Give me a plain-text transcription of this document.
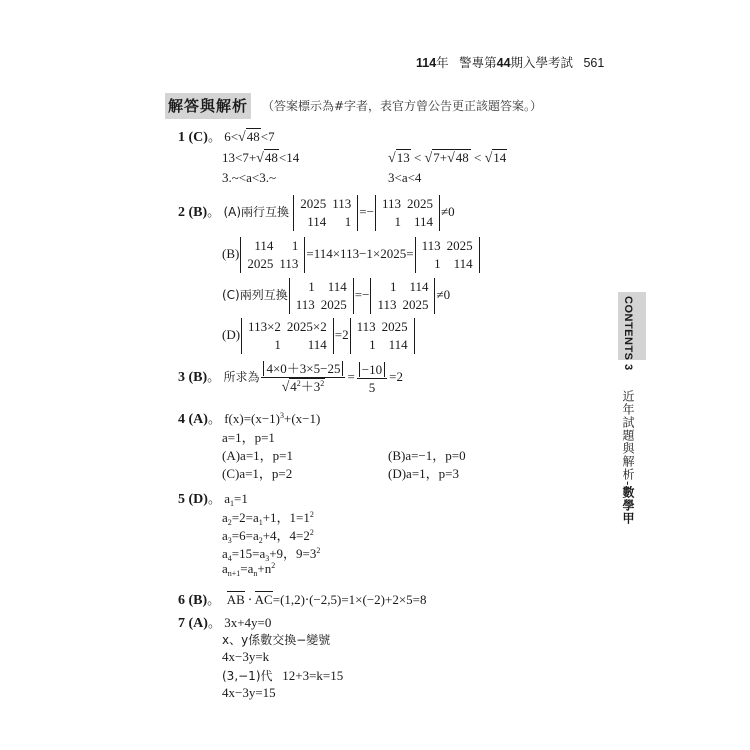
114年 警專第44期入學考試 561
解答與解析 （答案標示為#字者，表官方曾公告更正該題答案。）
1 (C)。 6<√48<7
13<7+√48<14	√13 < √7+√48 < √14
3.~<a<3.~	3<a<4
2 (B)。 (A)兩行互換
2025	113
114	1
=−
113	2025
1	114
≠0
(B)
114	1
2025	113
=114×113−1×2025=
113	2025
1	114
(C)兩列互換
1	114
113	2025
=−
1	114
113	2025
≠0
(D)
113×2	2025×2
1	114
=2
113	2025
1	114
3 (B)。 所求為 $\frac{4\times 0+3\times 5-25}{√4^2+3^2} = \frac{-10}{5} =2$
4 (A)。 $f(x)=(x-1)^3+(x-1)$
a=1，p=1
(A)a=1，p=1	(B)a=−1，p=0
(C)a=1，p=2	(D)a=1，p=3
5 (D)。 $a_1=1$
$a_2=2=a_1+1$，$1=1^2$
$a_3=6=a_2+4$，$4=2^2$
$a_4=15=a_3+9$，$9=3^2$
$a_{n+1}=a_n+n^2$
6 (B)。 AB ‧ AC=(1,2)‧(−2,5)=1×(−2)+2×5=8
7 (A)。 3x+4y=0
x、y係數交換−變號
4x−3y=k
(3,−1)代 12+3=k=15
4x−3y=15
CONTENTS 3 近年試題與解析-數學甲
